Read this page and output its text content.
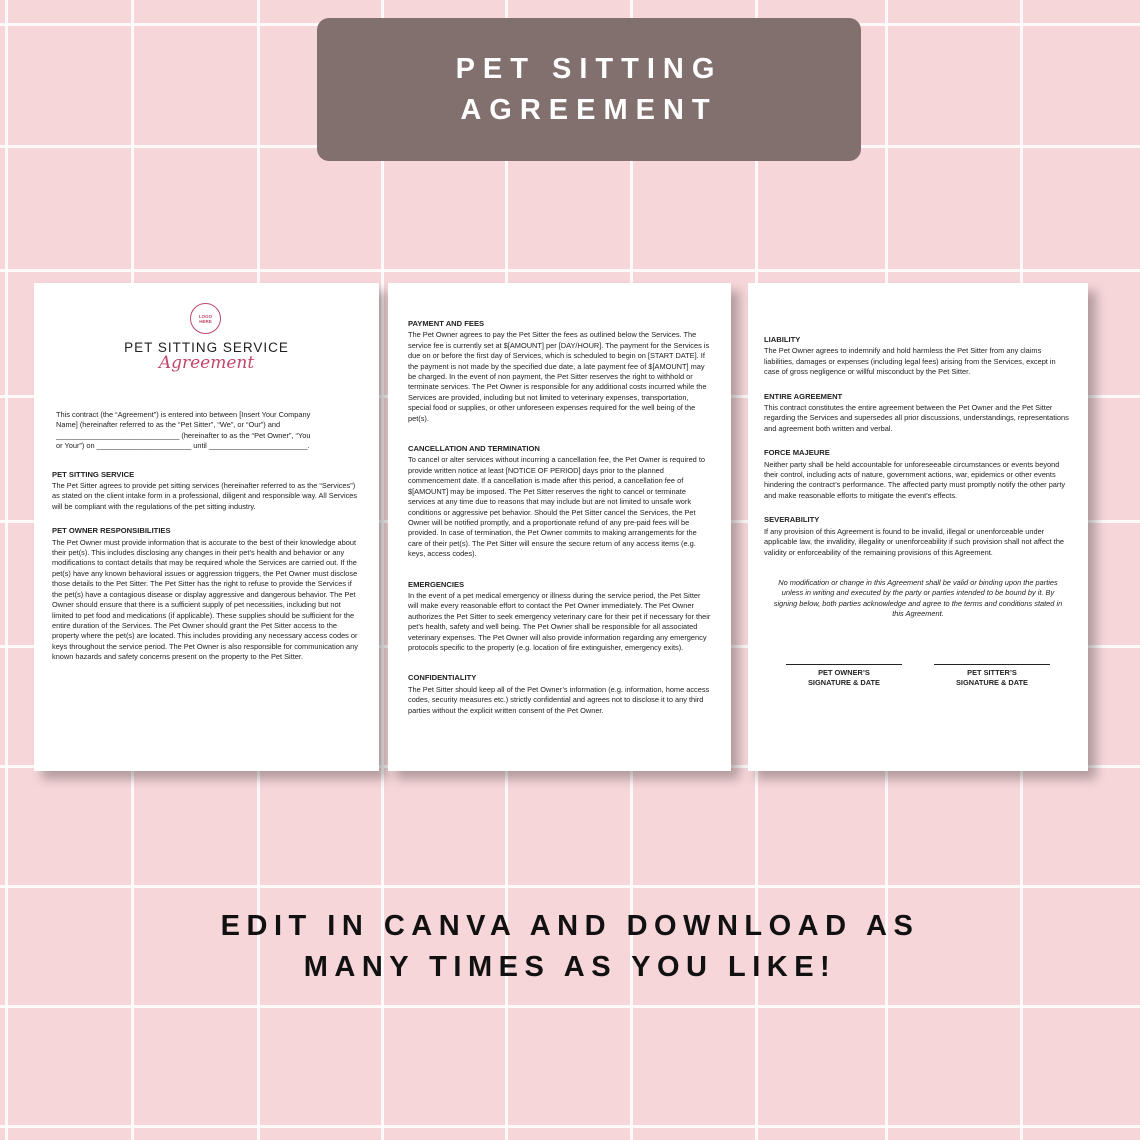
PET SITTING
AGREEMENT
LOGO
HERE
PET SITTING SERVICE
Agreement
This contract (the “Agreement”) is entered into between [Insert Your Company
Name] (hereinafter referred to as the “Pet Sitter”, “We”, or “Our”) and
______________________________ (hereinafter to as the “Pet Owner”, “You
or Your”) on _______________________ until ________________________.
PET SITTING SERVICE
The Pet Sitter agrees to provide pet sitting services (hereinafter referred to as the “Services”) as stated on the client intake form in a professional, diligent and responsible way. All Services will be compliant with the regulations of the pet sitting industry.
PET OWNER RESPONSIBILITIES
The Pet Owner must provide information that is accurate to the best of their knowledge about their pet(s). This includes disclosing any changes in their pet’s health and behavior or any modifications to contact details that may be required whole the Services are carried out. If the pet(s) have any known behavioral issues or aggression triggers, the Pet Owner must disclose those details to the Pet Sitter. The Pet Sitter has the right to refuse to provide the Services if the pet(s) have a contagious disease or display aggressive and dangerous behavior. The Pet Owner should ensure that there is a sufficient supply of pet necessities, including but not limited to pet food and medications (if applicable). These supplies should be sufficient for the entire duration of the Services. The Pet Owner should grant the Pet Sitter access to the property where the pet(s) are located. This includes providing any necessary access codes or keys throughout the service period. The Pet Owner is also responsible for communication any known hazards and safety concerns present on the property to the Pet Sitter.
PAYMENT AND FEES
The Pet Owner agrees to pay the Pet Sitter the fees as outlined below the Services. The service fee is currently set at $[AMOUNT] per [DAY/HOUR]. The payment for the Services is due on or before the first day of Services, which is scheduled to begin on [START DATE]. If the payment is not made by the specified due date, a late payment fee of $[AMOUNT] may be charged. In the event of non payment, the Pet Sitter reserves the right to withhold or terminate services. The Pet Owner is responsible for any additional costs incurred while the Services are provided, including but not limited to veterinary expenses, transportation, special food or supplies, or other unforeseen expenses required for the well being of the pet(s).
CANCELLATION AND TERMINATION
To cancel or alter services without incurring a cancellation fee, the Pet Owner is required to provide written notice at least [NOTICE OF PERIOD] days prior to the planned commencement date. If a cancellation is made after this period, a cancellation fee of $[AMOUNT] may be imposed. The Pet Sitter reserves the right to cancel or terminate services at any time due to reasons that may include but are not limited to unsafe work conditions or aggressive pet behavior. Should the Pet Sitter cancel the Services, the Pet Owner will be notified promptly, and a proportionate refund of any pre-paid fees will be provided. In case of termination, the Pet Owner commits to making arrangements for the care of their pet(s). The Pet Sitter will ensure the secure return of any access items (e.g. keys, access codes).
EMERGENCIES
In the event of a pet medical emergency or illness during the service period, the Pet Sitter will make every reasonable effort to contact the Pet Owner immediately. The Pet Owner authorizes the Pet Sitter to seek emergency veterinary care for their pet if necessary for their pet’s health, safety and well being. The Pet Owner shall be responsible for all associated veterinary expenses. The Pet Owner will also provide information regarding any emergency protocols specific to the property (e.g. location of fire extinguisher, emergency exits).
CONFIDENTIALITY
The Pet Sitter should keep all of the Pet Owner’s information (e.g. information, home access codes, security measures etc.) strictly confidential and agrees not to disclose it to any third parties without the explicit written consent of the Pet Owner.
LIABILITY
The Pet Owner agrees to indemnify and hold harmless the Pet Sitter from any claims liabilities, damages or expenses (including legal fees) arising from the Services, except in case of gross negligence or willful misconduct by the Pet Sitter.
ENTIRE AGREEMENT
This contract constitutes the entire agreement between the Pet Owner and the Pet Sitter regarding the Services and supersedes all prior discussions, understandings, representations and agreement both written and verbal.
FORCE MAJEURE
Neither party shall be held accountable for unforeseeable circumstances or events beyond their control, including acts of nature, government actions, war, epidemics or other events hindering the contract’s performance. The affected party must promptly notify the other party and make reasonable efforts to mitigate the event’s effects.
SEVERABILITY
If any provision of this Agreement is found to be invalid, illegal or unenforceable under applicable law, the invalidity, illegality or unenforceability if such provision shall not affect the validity or enforceability of the remaining provisions of this Agreement.
No modification or change in this Agreement shall be valid or binding upon the parties unless in writing and executed by the party or parties intended to be bound by it. By signing below, both parties acknowledge and agree to the terms and conditions stated in this Agreement.
PET OWNER’S
SIGNATURE & DATE
PET SITTER’S
SIGNATURE & DATE
EDIT IN CANVA AND DOWNLOAD AS
MANY TIMES AS YOU LIKE!
